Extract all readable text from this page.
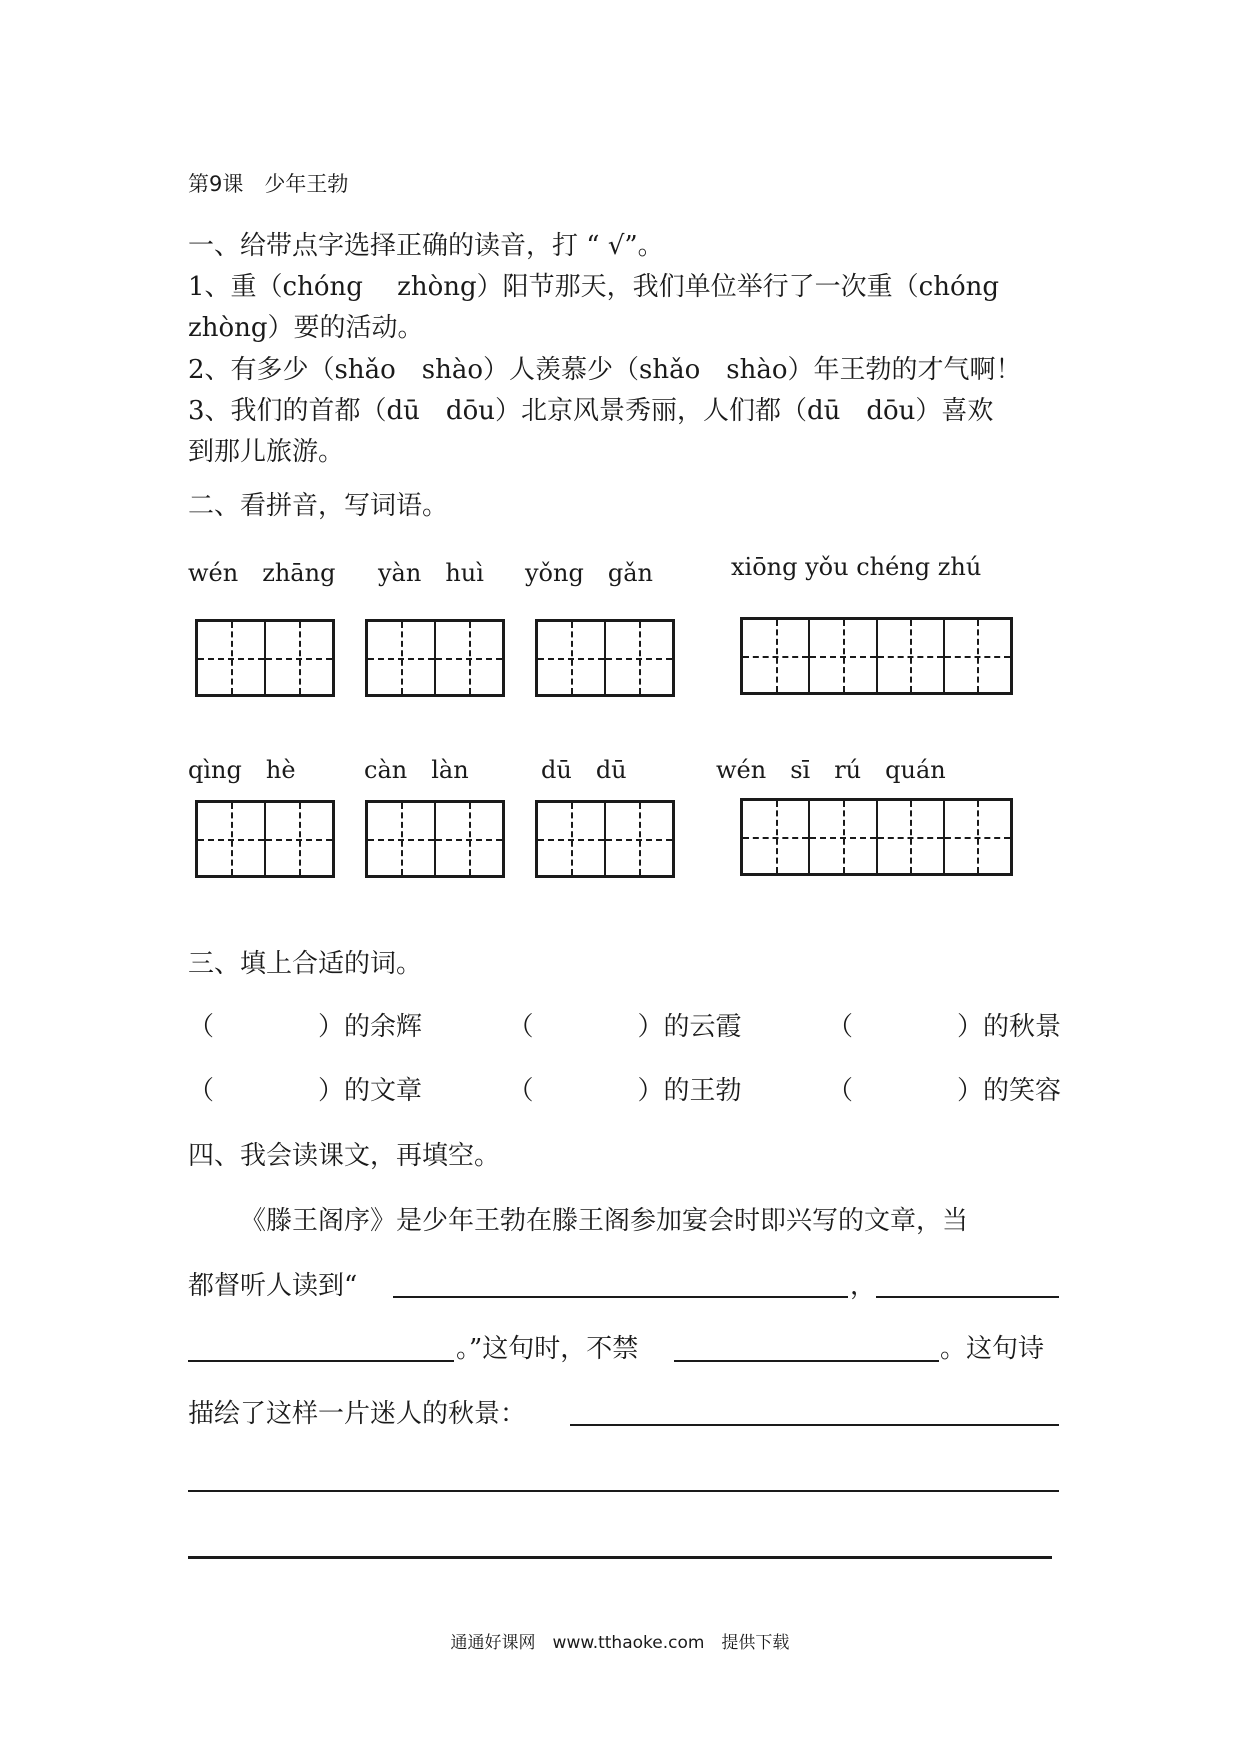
第9课　少年王勃
一、给带点字选择正确的读音，打 “ √”。
1、重（chóng　 zhòng）阳节那天，我们单位举行了一次重（chóng
zhòng）要的活动。
2、有多少（shǎo　shào）人羡慕少（shǎo　shào）年王勃的才气啊！
3、我们的首都（dū　dōu）北京风景秀丽，人们都（dū　dōu）喜欢
到那儿旅游。
二、看拼音，写词语。
wén　zhāng yàn　huì yǒng　gǎn	xiōng yǒu chéng zhú
qìng　hè	càn　làn	dū　dū	wén　sī　rú　quán
三、填上合适的词。
（　　　　）的余辉	（　　　　）的云霞	（　　　　）的秋景
（　　　　）的文章	（　　　　）的王勃	（　　　　）的笑容
四、我会读课文，再填空。
《滕王阁序》是少年王勃在滕王阁参加宴会时即兴写的文章，当
都督听人读到“	，
。”这句时，不禁	。这句诗
描绘了这样一片迷人的秋景：
通通好课网　www.tthaoke.com　提供下载
